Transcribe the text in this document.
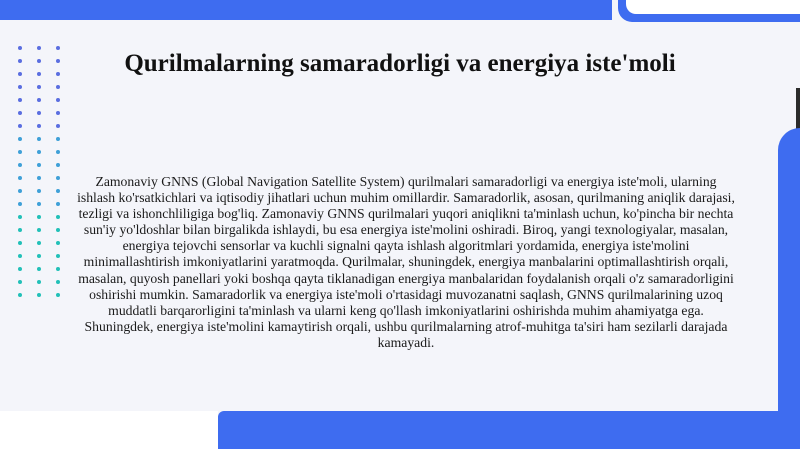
Qurilmalarning samaradorligi va energiya iste'moli

Zamonaviy GNNS (Global Navigation Satellite System) qurilmalari samaradorligi va energiya iste'moli, ularning ishlash ko'rsatkichlari va iqtisodiy jihatlari uchun muhim omillardir. Samaradorlik, asosan, qurilmaning aniqlik darajasi, tezligi va ishonchliligiga bog'liq. Zamonaviy GNNS qurilmalari yuqori aniqlikni ta'minlash uchun, ko'pincha bir nechta sun'iy yo'ldoshlar bilan birgalikda ishlaydi, bu esa energiya iste'molini oshiradi. Biroq, yangi texnologiyalar, masalan, energiya tejovchi sensorlar va kuchli signalni qayta ishlash algoritmlari yordamida, energiya iste'molini minimallashtirish imkoniyatlarini yaratmoqda. Qurilmalar, shuningdek, energiya manbalarini optimallashtirish orqali, masalan, quyosh panellari yoki boshqa qayta tiklanadigan energiya manbalaridan foydalanish orqali o'z samaradorligini oshirishi mumkin. Samaradorlik va energiya iste'moli o'rtasidagi muvozanatni saqlash, GNNS qurilmalarining uzoq muddatli barqarorligini ta'minlash va ularni keng qo'llash imkoniyatlarini oshirishda muhim ahamiyatga ega. Shuningdek, energiya iste'molini kamaytirish orqali, ushbu qurilmalarning atrof-muhitga ta'siri ham sezilarli darajada kamayadi.
